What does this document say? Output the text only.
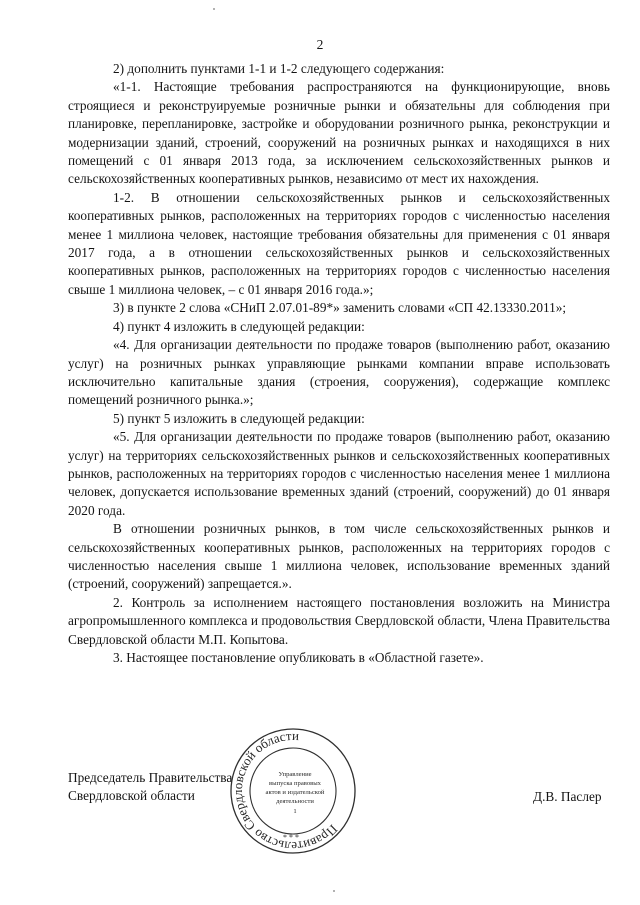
2

2) дополнить пунктами 1-1 и 1-2 следующего содержания:

«1-1. Настоящие требования распространяются на функционирующие, вновь строящиеся и реконструируемые розничные рынки и обязательны для соблюдения при планировке, перепланировке, застройке и оборудовании розничного рынка, реконструкции и модернизации зданий, строений, сооружений на розничных рынках и находящихся в них помещений с 01 января 2013 года, за исключением сельскохозяйственных рынков и сельскохозяйственных кооперативных рынков, независимо от мест их нахождения.

1-2. В отношении сельскохозяйственных рынков и сельскохозяйственных кооперативных рынков, расположенных на территориях городов с численностью населения менее 1 миллиона человек, настоящие требования обязательны для применения с 01 января 2017 года, а в отношении сельскохозяйственных рынков и сельскохозяйственных кооперативных рынков, расположенных на территориях городов с численностью населения свыше 1 миллиона человек, – с 01 января 2016 года.»;

3) в пункте 2 слова «СНиП 2.07.01-89*» заменить словами «СП 42.13330.2011»;

4) пункт 4 изложить в следующей редакции:

«4. Для организации деятельности по продаже товаров (выполнению работ, оказанию услуг) на розничных рынках управляющие рынками компании вправе использовать исключительно капитальные здания (строения, сооружения), содержащие комплекс помещений розничного рынка.»;

5) пункт 5 изложить в следующей редакции:

«5. Для организации деятельности по продаже товаров (выполнению работ, оказанию услуг) на территориях сельскохозяйственных рынков и сельскохозяйственных кооперативных рынков, расположенных на территориях городов с численностью населения менее 1 миллиона человек, допускается использование временных зданий (строений, сооружений) до 01 января 2020 года.

В отношении розничных рынков, в том числе сельскохозяйственных рынков и сельскохозяйственных кооперативных рынков, расположенных на территориях городов с численностью населения свыше 1 миллиона человек, использование временных зданий (строений, сооружений) запрещается.».

2. Контроль за исполнением настоящего постановления возложить на Министра агропромышленного комплекса и продовольствия Свердловской области, Члена Правительства Свердловской области М.П. Копытова.

3. Настоящее постановление опубликовать в «Областной газете».

Председатель Правительства
Свердловской области	Д.В. Паслер
Правительство Свердловской области
Управление
выпуска правовых
актов и издательской
деятельности
1
* * *
